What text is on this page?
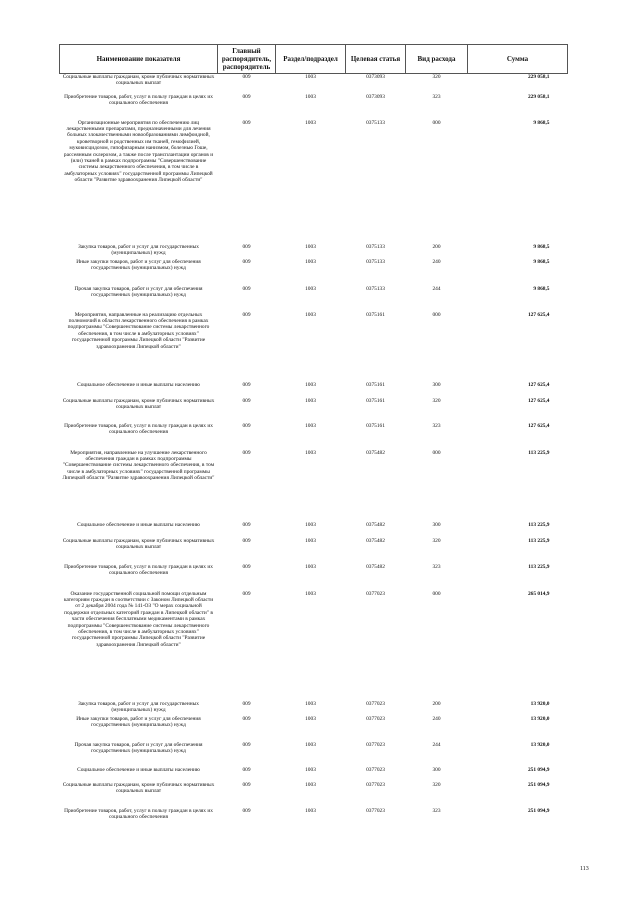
Наименование показателя	Главный распорядитель, распорядитель	Раздел/подраздел	Целевая статья	Вид расхода	Сумма
Социальные выплаты гражданам, кроме публичных нормативных социальных выплат	009	1003	0373093	320	229 058,1
Приобретение товаров, работ, услуг в пользу граждан в целях их социального обеспечения	009	1003	0373093	323	229 058,1
Организационные мероприятия по обеспечению лиц лекарственными препаратами, предназначенными для лечения больных злокачественными новообразованиями лимфоидной, кроветворной и родственных им тканей, гемофилией, муковисцидозом, гипофизарным нанизмом, болезнью Гоше, рассеянным склерозом, а также после трансплантации органов и (или) тканей в рамках подпрограммы "Совершенствование системы лекарственного обеспечения, в том числе в амбулаторных условиях" государственной программы Липецкой области "Развитие здравоохранения Липецкой области"	009	1003	0375133	000	9 868,5
Закупка товаров, работ и услуг для государственных (муниципальных) нужд	009	1003	0375133	200	9 868,5
Иные закупки товаров, работ и услуг для обеспечения государственных (муниципальных) нужд	009	1003	0375133	240	9 868,5
Прочая закупка товаров, работ и услуг для обеспечения государственных (муниципальных) нужд	009	1003	0375133	244	9 868,5
Мероприятия, направленные на реализацию отдельных полномочий в области лекарственного обеспечения в рамках подпрограммы "Совершенствование системы лекарственного обеспечения, в том числе в амбулаторных условиях" государственной программы Липецкой области "Развитие здравоохранения Липецкой области"	009	1003	0375161	000	127 625,4
Социальное обеспечение и иные выплаты населению	009	1003	0375161	300	127 625,4
Социальные выплаты гражданам, кроме публичных нормативных социальных выплат	009	1003	0375161	320	127 625,4
Приобретение товаров, работ, услуг в пользу граждан в целях их социального обеспечения	009	1003	0375161	323	127 625,4
Мероприятия, направленные на улучшение лекарственного обеспечения граждан в рамках подпрограммы "Совершенствование системы лекарственного обеспечения, в том числе в амбулаторных условиях" государственной программы Липецкой области "Развитие здравоохранения Липецкой области"	009	1003	0375482	000	113 225,9
Социальное обеспечение и иные выплаты населению	009	1003	0375482	300	113 225,9
Социальные выплаты гражданам, кроме публичных нормативных социальных выплат	009	1003	0375482	320	113 225,9
Приобретение товаров, работ, услуг в пользу граждан в целях их социального обеспечения	009	1003	0375482	323	113 225,9
Оказание государственной социальной помощи отдельным категориям граждан в соответствии с Законом Липецкой области от 2 декабря 2004 года № 141-ОЗ "О мерах социальной поддержки отдельных категорий граждан в Липецкой области" в части обеспечения бесплатными медикаментами в рамках подпрограммы "Совершенствование системы лекарственного обеспечения, в том числе в амбулаторных условиях" государственной программы Липецкой области "Развитие здравоохранения Липецкой области"	009	1003	0377023	000	265 014,9
Закупка товаров, работ и услуг для государственных (муниципальных) нужд	009	1003	0377023	200	13 920,0
Иные закупки товаров, работ и услуг для обеспечения государственных (муниципальных) нужд	009	1003	0377023	240	13 920,0
Прочая закупка товаров, работ и услуг для обеспечения государственных (муниципальных) нужд	009	1003	0377023	244	13 920,0
Социальное обеспечение и иные выплаты населению	009	1003	0377023	300	251 094,9
Социальные выплаты гражданам, кроме публичных нормативных социальных выплат	009	1003	0377023	320	251 094,9
Приобретение товаров, работ, услуг в пользу граждан в целях их социального обеспечения	009	1003	0377023	323	251 094,9
113
